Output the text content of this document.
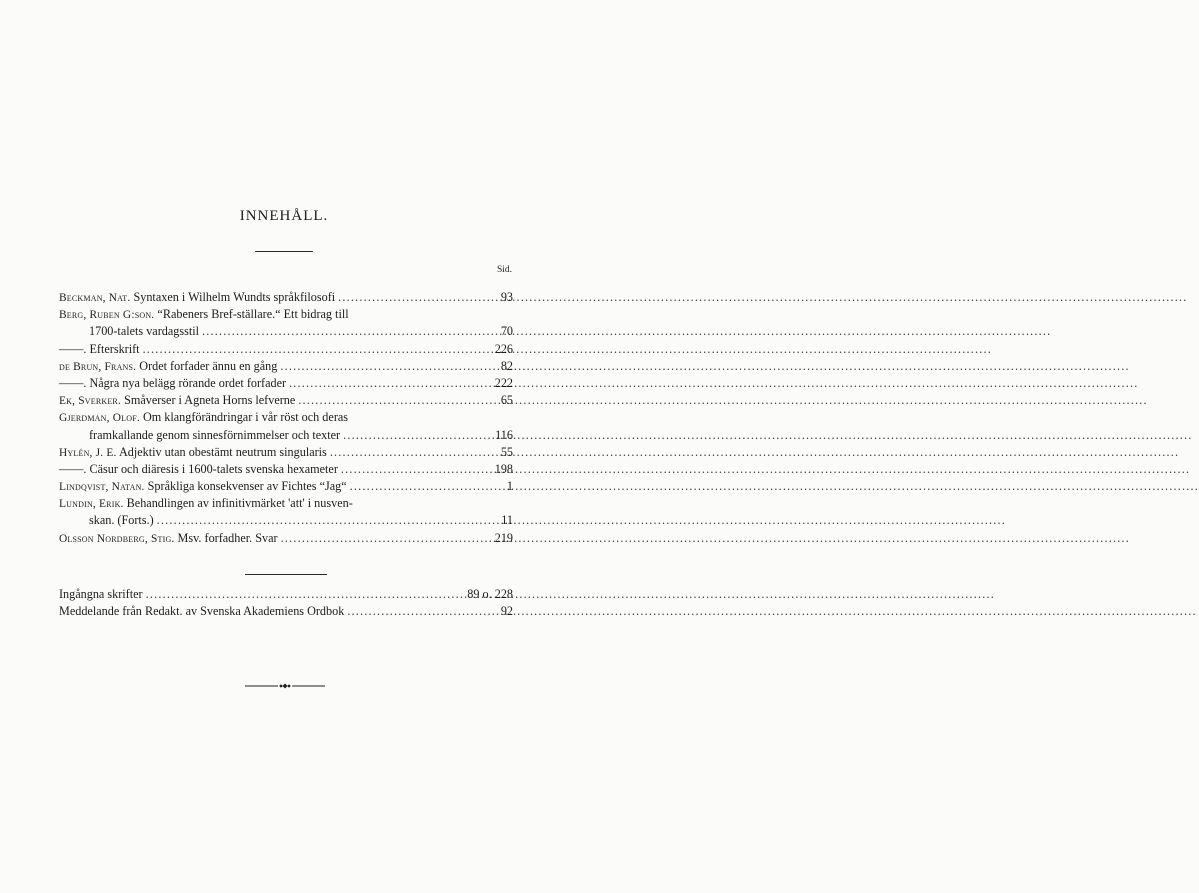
INNEHÅLL.
Sid.
Beckman, Nat. Syntaxen i Wilhelm Wundts språkfilosofi .....	93
Berg, Ruben G:son. “Rabeners Bref-ställare.“ Ett bidrag till
1700-talets vardagsstil .....	70
——. Efterskrift .....	226
de Brun, Frans. Ordet forfader ännu en gång .....	82
——. Några nya belägg rörande ordet forfader .....	222
Ek, Sverker. Småverser i Agneta Horns lefverne .....	65
Gjerdman, Olof. Om klangförändringar i vår röst och deras
framkallande genom sinnesförnimmelser och texter .....	116
Hylén, J. E. Adjektiv utan obestämt neutrum singularis .....	55
——. Cäsur och diäresis i 1600-talets svenska hexameter .....	198
Lindqvist, Natan. Språkliga konsekvenser av Fichtes “Jag“ .....	1
Lundin, Erik. Behandlingen av infinitivmärket 'att' i nusven-
skan. (Forts.) .....	11
Olsson Nordberg, Stig. Msv. forfadher. Svar .....	219
Ingångna skrifter .....	89 o. 228
Meddelande från Redakt. av Svenska Akademiens Ordbok .....	92
